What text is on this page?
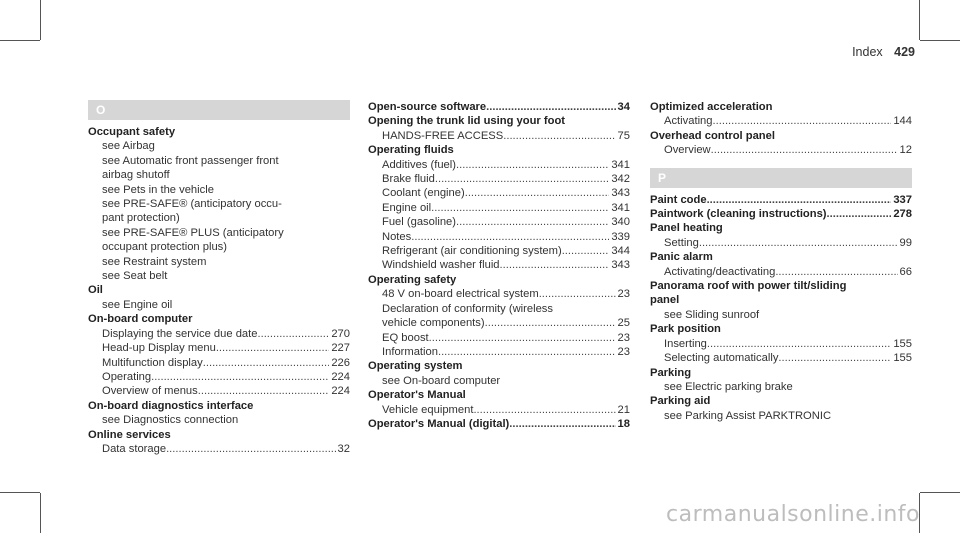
Index 429
O
Occupant safety
see Airbag
see Automatic front passenger front
airbag shutoff
see Pets in the vehicle
see PRE-SAFE® (anticipatory occu-
pant protection)
see PRE-SAFE® PLUS (anticipatory
occupant protection plus)
see Restraint system
see Seat belt
Oil
see Engine oil
On-board computer
Displaying the service due date .....	270
Head-up Display menu .....	227
Multifunction display .....	226
Operating .....	224
Overview of menus .....	224
On-board diagnostics interface
see Diagnostics connection
Online services
Data storage .....	32
Open-source software .....	34
Opening the trunk lid using your foot
HANDS-FREE ACCESS .....	75
Operating fluids
Additives (fuel) .....	341
Brake fluid .....	342
Coolant (engine) .....	343
Engine oil .....	341
Fuel (gasoline) .....	340
Notes .....	339
Refrigerant (air conditioning system) .....	344
Windshield washer fluid .....	343
Operating safety
48 V on-board electrical system .....	23
Declaration of conformity (wireless
vehicle components) .....	25
EQ boost .....	23
Information .....	23
Operating system
see On-board computer
Operator's Manual
Vehicle equipment .....	21
Operator's Manual (digital) .....	18
Optimized acceleration
Activating .....	144
Overhead control panel
Overview .....	12
P
Paint code .....	337
Paintwork (cleaning instructions) .....	278
Panel heating
Setting .....	99
Panic alarm
Activating/deactivating .....	66
Panorama roof with power tilt/sliding
panel
see Sliding sunroof
Park position
Inserting .....	155
Selecting automatically .....	155
Parking
see Electric parking brake
Parking aid
see Parking Assist PARKTRONIC
carmanualsonline.info
